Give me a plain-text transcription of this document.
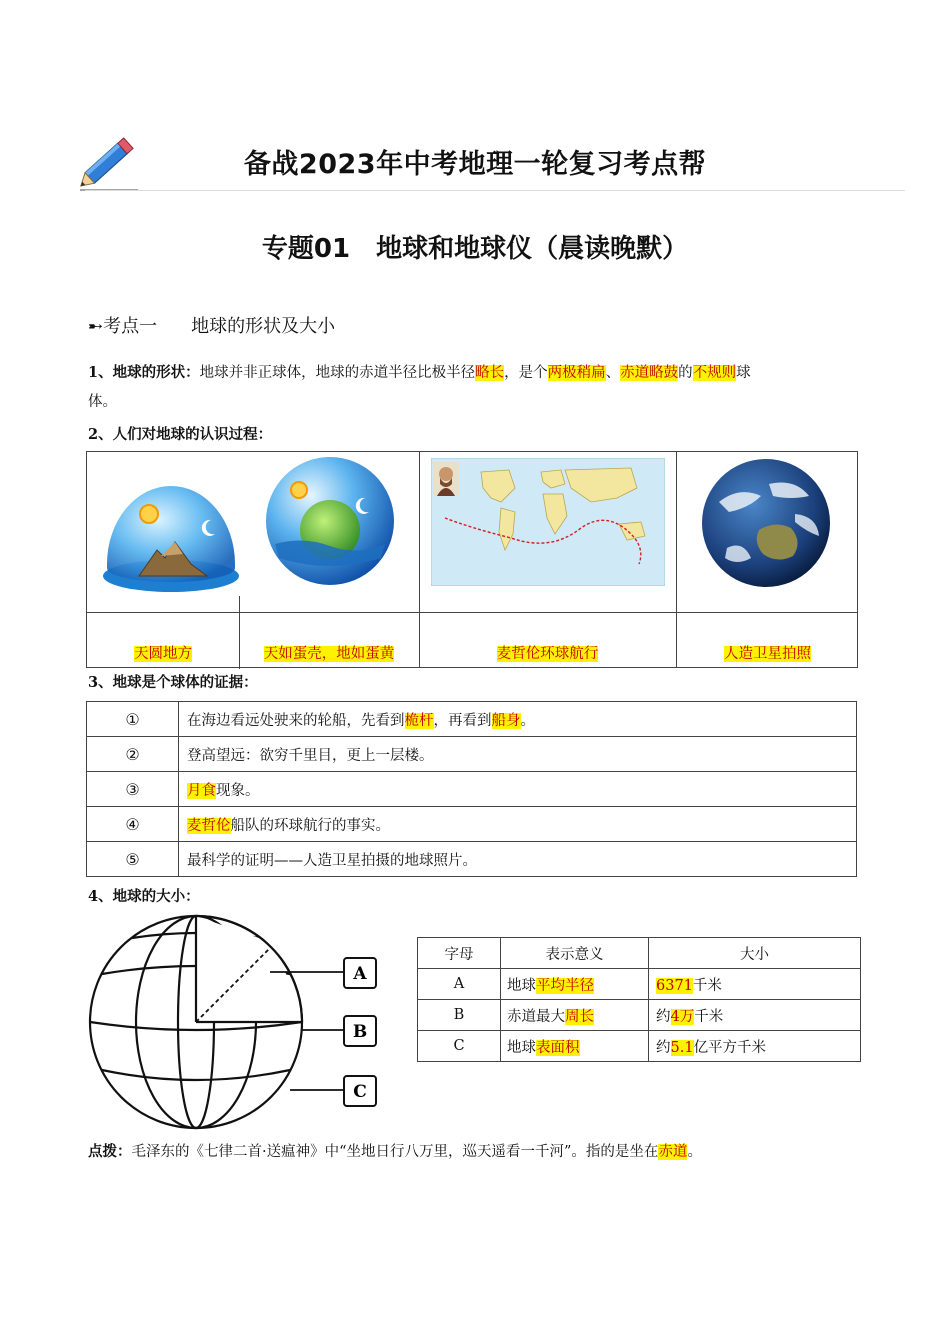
备战2023年中考地理一轮复习考点帮
专题01　地球和地球仪（晨读晚默）
➸考点一 地球的形状及大小
1、地球的形状：地球并非正球体，地球的赤道半径比极半径略长，是个两极稍扁、赤道略鼓的不规则球
体。
2、人们对地球的认识过程：
天圆地方	天如蛋壳，地如蛋黄	麦哲伦环球航行	人造卫星拍照
3、地球是个球体的证据：
①	在海边看远处驶来的轮船，先看到桅杆，再看到船身。
②	登高望远：欲穷千里目，更上一层楼。
③	月食现象。
④	麦哲伦船队的环球航行的事实。
⑤	最科学的证明——人造卫星拍摄的地球照片。
4、地球的大小：
A
B
C
字母	表示意义	大小
A	地球平均半径	6371千米
B	赤道最大周长	约4万千米
C	地球表面积	约5.1亿平方千米
点拨：毛泽东的《七律二首·送瘟神》中“坐地日行八万里，巡天遥看一千河”。指的是坐在赤道。
